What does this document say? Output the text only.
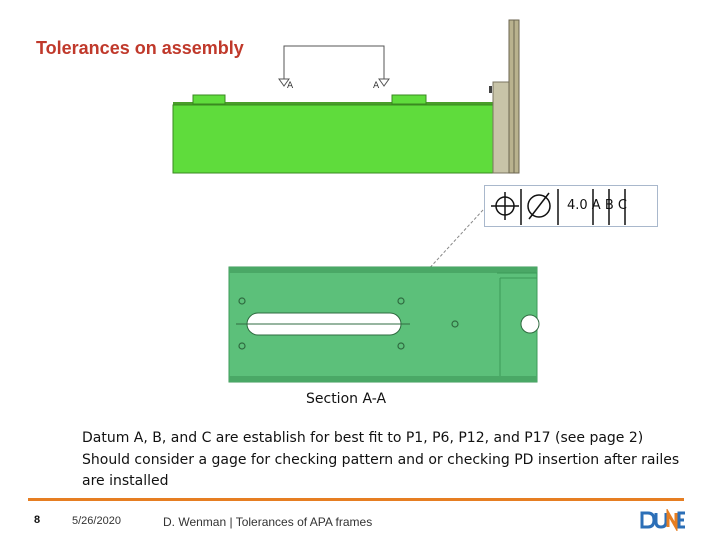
Tolerances on assembly
A	A
4.0 A B C
Section A-A
Datum A, B, and C are establish for best fit to P1, P6, P12, and P17 (see page 2)
Should consider a gage for checking pattern and or checking PD insertion after railes
are installed
8	5/26/2020	D. Wenman | Tolerances of APA frames
